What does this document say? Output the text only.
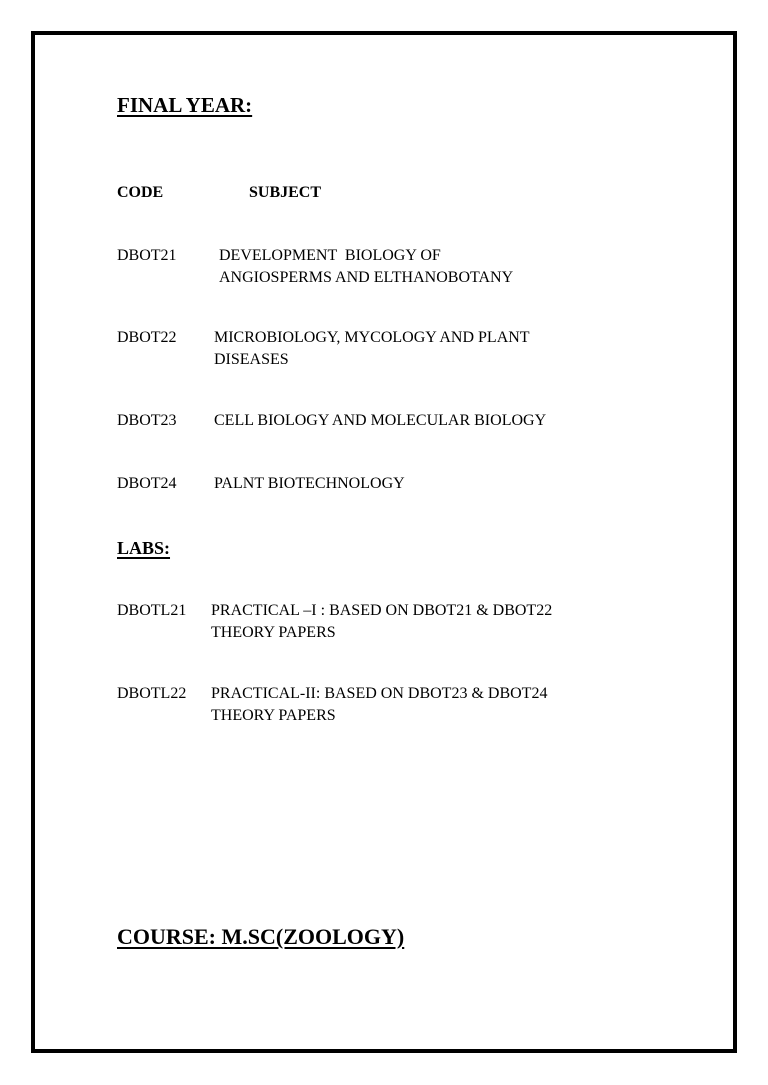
FINAL YEAR:
CODE	SUBJECT
DBOT21	DEVELOPMENT  BIOLOGY OF
ANGIOSPERMS AND ELTHANOBOTANY
DBOT22 MICROBIOLOGY, MYCOLOGY AND PLANT
DISEASES
DBOT23 CELL BIOLOGY AND MOLECULAR BIOLOGY
DBOT24 PALNT BIOTECHNOLOGY
LABS:
DBOTL21 PRACTICAL –I : BASED ON DBOT21 & DBOT22
THEORY PAPERS
DBOTL22 PRACTICAL-II: BASED ON DBOT23 & DBOT24
THEORY PAPERS
COURSE: M.SC(ZOOLOGY)
